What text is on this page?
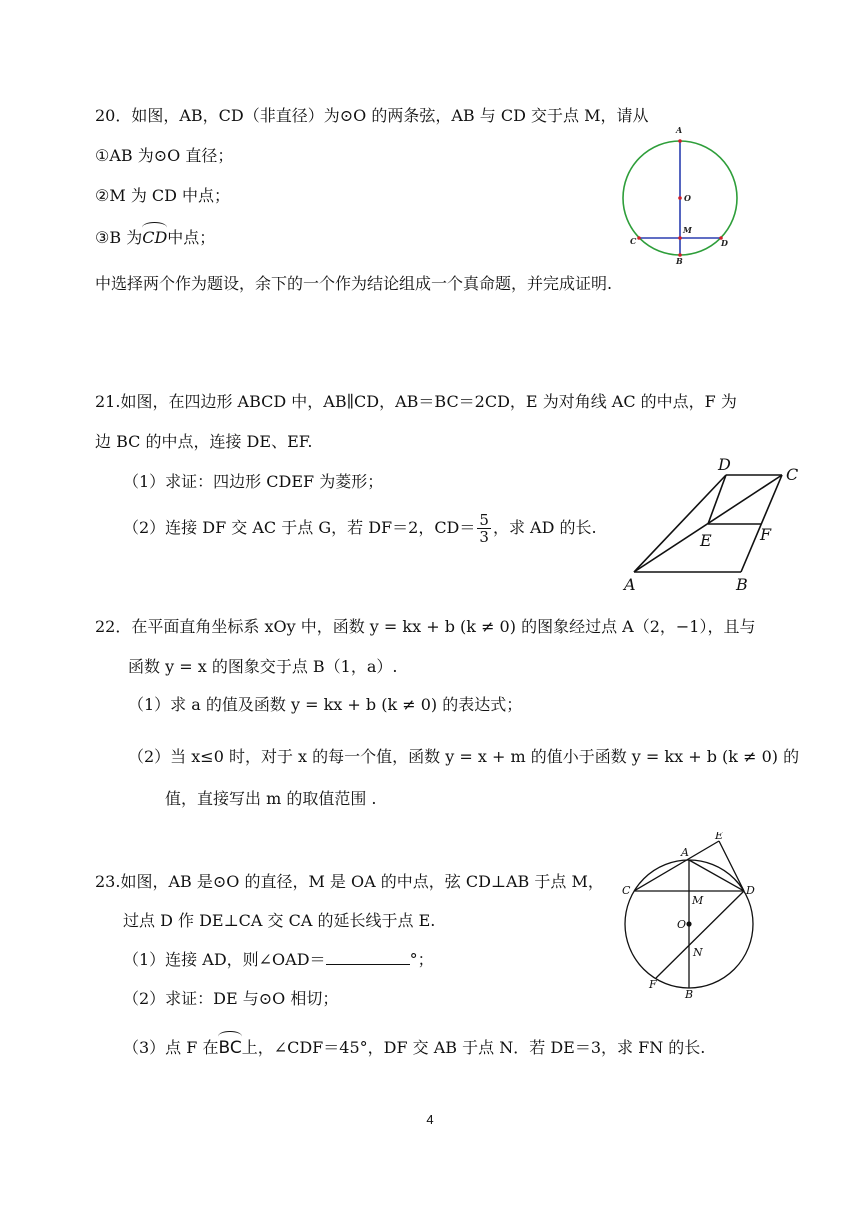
20．如图，AB，CD（非直径）为⊙O 的两条弦，AB 与 CD 交于点 M，请从
①AB 为⊙O 直径；
②M 为 CD 中点；
③B 为
CD中点；
中选择两个作为题设，余下的一个作为结论组成一个真命题，并完成证明.
A
O
M
C	D
B
21.如图，在四边形 ABCD 中，AB∥CD，AB＝BC＝2CD，E 为对角线 AC 的中点，F 为
边 BC 的中点，连接 DE、EF.
（1）求证：四边形 CDEF 为菱形；
（2）连接 DF 交 AC 于点 G，若 DF＝2，$CD= \frac{5}{3}$ ，求 AD 的长.
D
C
E	F
A	B
22．在平面直角坐标系 xOy 中，函数 y = kx + b (k ≠ 0) 的图象经过点 A（2，−1），且与
函数 y = x 的图象交于点 B（1，a）.
（1）求 a 的值及函数 y = kx + b (k ≠ 0) 的表达式；
（2）当 x≤0 时，对于 x 的每一个值，函数 y = x + m 的值小于函数 y = kx + b (k ≠ 0) 的
值，直接写出 m 的取值范围 .
23.如图，AB 是⊙O 的直径，M 是 OA 的中点，弦 CD⊥AB 于点 M，
过点 D 作 DE⊥CA 交 CA 的延长线于点 E.
（1）连接 AD，则∠OAD＝	°；
（2）求证：DE 与⊙O 相切；
（3）点 F 在
BC上，∠CDF＝45°，DF 交 AB 于点 N．若 DE＝3，求 FN 的长.
E
A
C	D
M
O
N
F
B
4
